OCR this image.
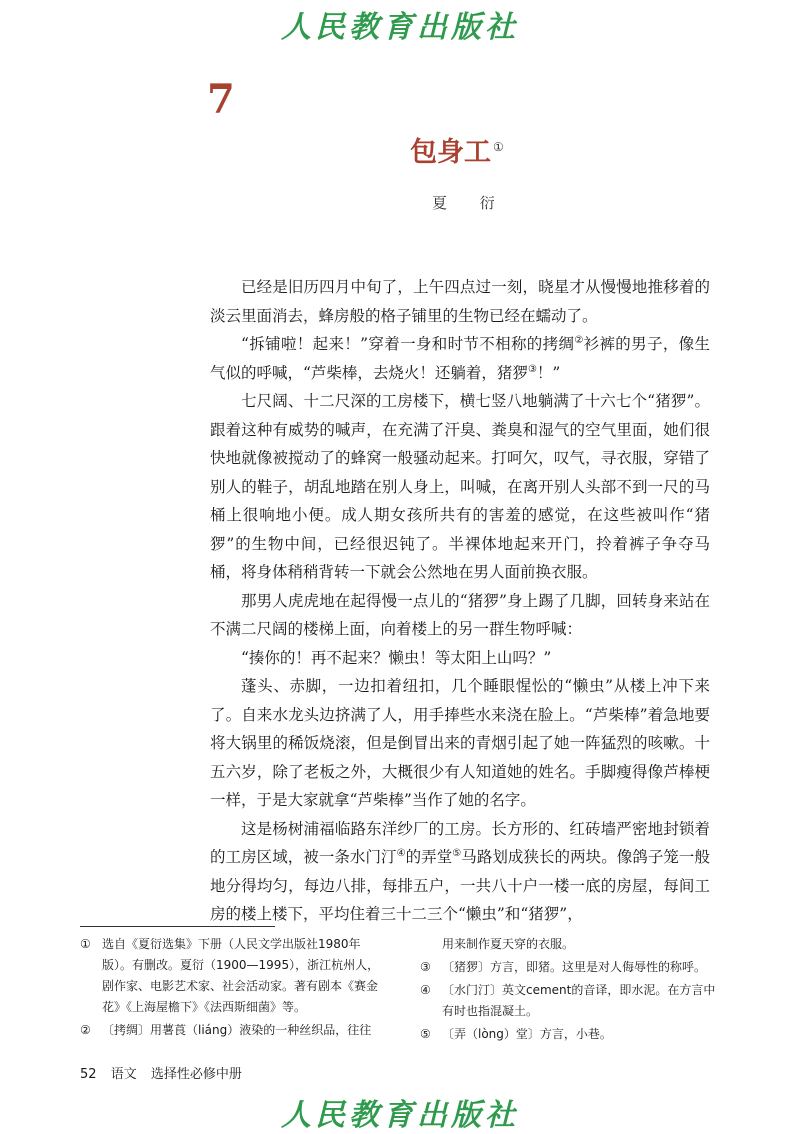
人民教育出版社
7
包身工 ①
夏 衍

已经是旧历四月中旬了，上午四点过一刻，晓星才从慢慢地推移着的淡云里面消去，蜂房般的格子铺里的生物已经在蠕动了。

“拆铺啦！起来！”穿着一身和时节不相称的拷绸②衫裤的男子，像生气似的呼喊，“芦柴棒，去烧火！还躺着，猪猡③！”

七尺阔、十二尺深的工房楼下，横七竖八地躺满了十六七个“猪猡”。跟着这种有威势的喊声，在充满了汗臭、粪臭和湿气的空气里面，她们很快地就像被搅动了的蜂窝一般骚动起来。打呵欠，叹气，寻衣服，穿错了别人的鞋子，胡乱地踏在别人身上，叫喊，在离开别人头部不到一尺的马桶上很响地小便。成人期女孩所共有的害羞的感觉，在这些被叫作“猪猡”的生物中间，已经很迟钝了。半裸体地起来开门，拎着裤子争夺马桶，将身体稍稍背转一下就会公然地在男人面前换衣服。

那男人虎虎地在起得慢一点儿的“猪猡”身上踢了几脚，回转身来站在不满二尺阔的楼梯上面，向着楼上的另一群生物呼喊：

“揍你的！再不起来？懒虫！等太阳上山吗？”

蓬头、赤脚，一边扣着纽扣，几个睡眼惺忪的“懒虫”从楼上冲下来了。自来水龙头边挤满了人，用手捧些水来浇在脸上。“芦柴棒”着急地要将大锅里的稀饭烧滚，但是倒冒出来的青烟引起了她一阵猛烈的咳嗽。十五六岁，除了老板之外，大概很少有人知道她的姓名。手脚瘦得像芦棒梗一样，于是大家就拿“芦柴棒”当作了她的名字。

这是杨树浦福临路东洋纱厂的工房。长方形的、红砖墙严密地封锁着的工房区域，被一条水门汀④的弄堂⑤马路划成狭长的两块。像鸽子笼一般地分得均匀，每边八排，每排五户，一共八十户一楼一底的房屋，每间工房的楼上楼下，平均住着三十二三个“懒虫”和“猪猡”，

① 选自《夏衍选集》下册（人民文学出版社1980年版）。有删改。夏衍（1900—1995），浙江杭州人，剧作家、电影艺术家、社会活动家。著有剧本《赛金花》《上海屋檐下》《法西斯细菌》等。
② 〔拷绸〕用薯莨（liáng）液染的一种丝织品，往往
用来制作夏天穿的衣服。
③ 〔猪猡〕方言，即猪。这里是对人侮辱性的称呼。
④ 〔水门汀〕英文cement的音译，即水泥。在方言中有时也指混凝土。
⑤ 〔弄（lòng）堂〕方言，小巷。
52 语文 选择性必修中册
人民教育出版社
